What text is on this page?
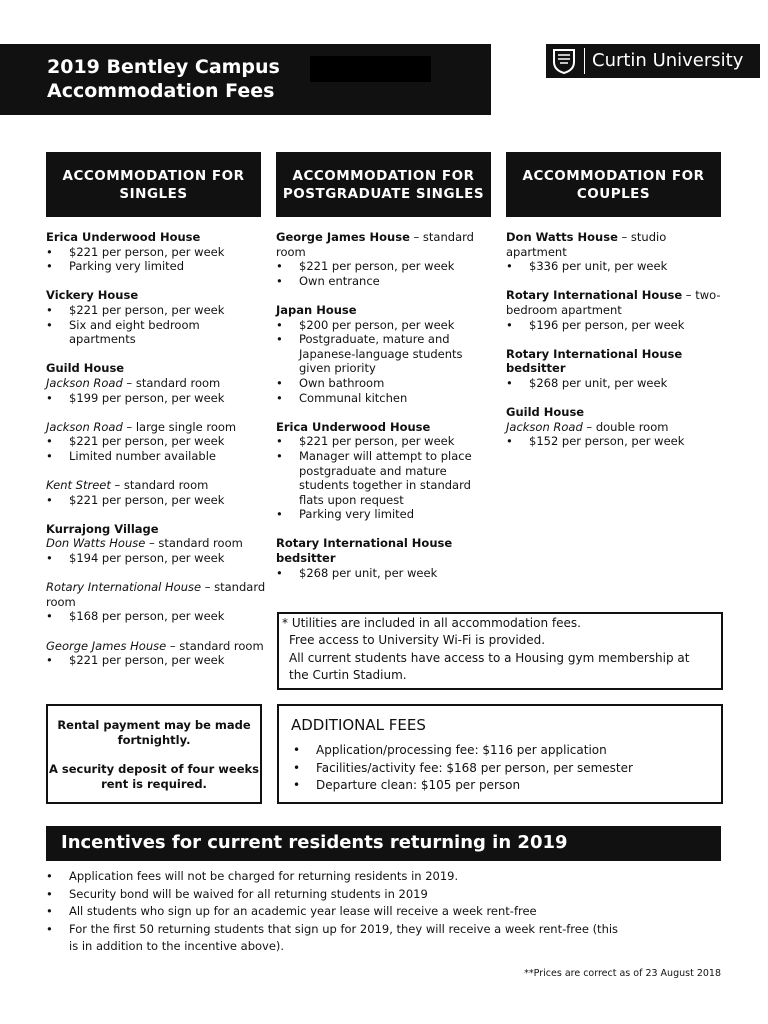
2019 Bentley Campus
Accommodation Fees
Curtin University
ACCOMMODATION FOR SINGLES
ACCOMMODATION FOR POSTGRADUATE SINGLES
ACCOMMODATION FOR COUPLES
Erica Underwood House
• $221 per person, per week
• Parking very limited
Vickery House
• $221 per person, per week
• Six and eight bedroom apartments
Guild House
Jackson Road – standard room
• $199 per person, per week
Jackson Road – large single room
• $221 per person, per week
• Limited number available
Kent Street – standard room
• $221 per person, per week
Kurrajong Village
Don Watts House – standard room
• $194 per person, per week
Rotary International House – standard room
• $168 per person, per week
George James House – standard room
• $221 per person, per week
George James House – standard room
• $221 per person, per week
• Own entrance
Japan House
• $200 per person, per week
• Postgraduate, mature and Japanese-language students given priority
• Own bathroom
• Communal kitchen
Erica Underwood House
• $221 per person, per week
• Manager will attempt to place postgraduate and mature students together in standard flats upon request
• Parking very limited
Rotary International House bedsitter
• $268 per unit, per week
Don Watts House – studio apartment
• $336 per unit, per week
Rotary International House – two-bedroom apartment
• $196 per person, per week
Rotary International House bedsitter
• $268 per unit, per week
Guild House
Jackson Road – double room
• $152 per person, per week
* Utilities are included in all accommodation fees.
Free access to University Wi-Fi is provided.
All current students have access to a Housing gym membership at
the Curtin Stadium.
Rental payment may be made fortnightly.
A security deposit of four weeks rent is required.
ADDITIONAL FEES
• Application/processing fee: $116 per application
• Facilities/activity fee: $168 per person, per semester
• Departure clean: $105 per person
Incentives for current residents returning in 2019
• Application fees will not be charged for returning residents in 2019.
• Security bond will be waived for all returning students in 2019
• All students who sign up for an academic year lease will receive a week rent-free
• For the first 50 returning students that sign up for 2019, they will receive a week rent-free (this is in addition to the incentive above).
**Prices are correct as of 23 August 2018
